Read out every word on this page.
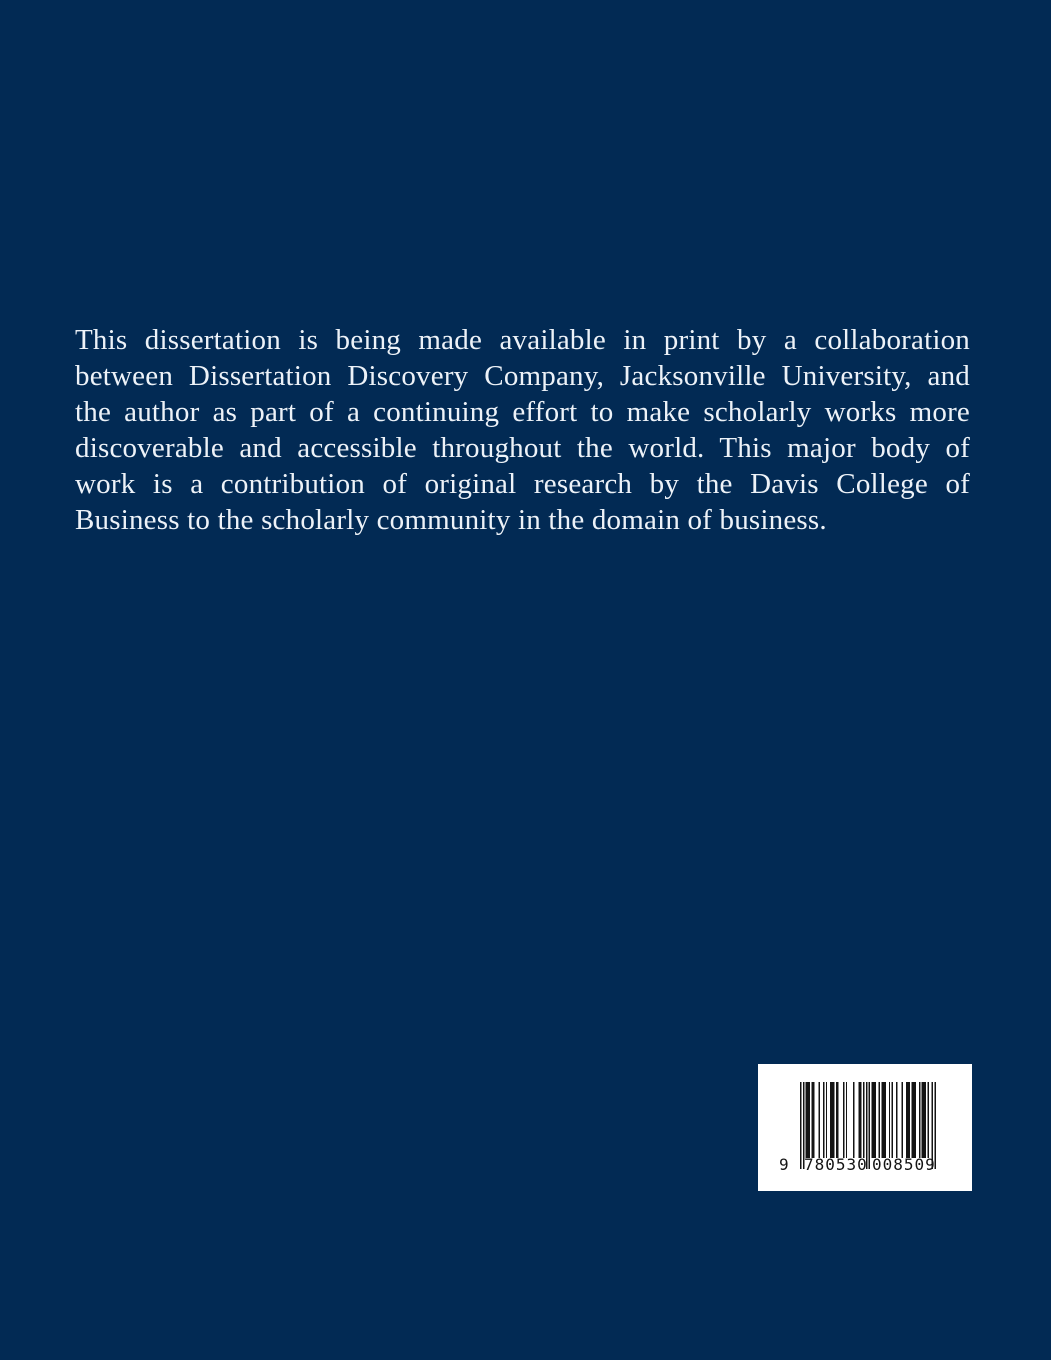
This dissertation is being made available in print by a collaboration
between Dissertation Discovery Company, Jacksonville University, and
the author as part of a continuing effort to make scholarly works more
discoverable and accessible throughout the world. This major body of
work is a contribution of original research by the Davis College of
Business to the scholarly community in the domain of business.
9 780530 008509
